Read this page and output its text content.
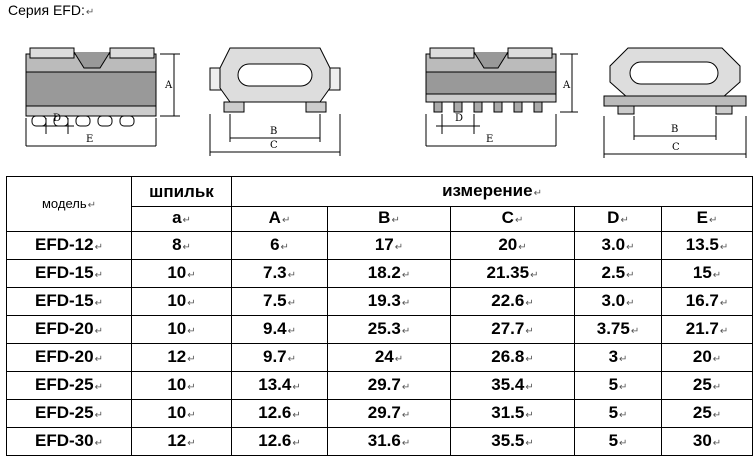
Серия EFD:↵
A
D
E
B
C
A
D
E
B
C
модель↵	шпильк	измерение↵				
	а↵	A↵	B↵	C↵	D↵	E↵
EFD-12↵	8↵	6↵	17↵	20↵	3.0↵	13.5↵
EFD-15↵	10↵	7.3↵	18.2↵	21.35↵	2.5↵	15↵
EFD-15↵	10↵	7.5↵	19.3↵	22.6↵	3.0↵	16.7↵
EFD-20↵	10↵	9.4↵	25.3↵	27.7↵	3.75↵	21.7↵
EFD-20↵	12↵	9.7↵	24↵	26.8↵	3↵	20↵
EFD-25↵	10↵	13.4↵	29.7↵	35.4↵	5↵	25↵
EFD-25↵	10↵	12.6↵	29.7↵	31.5↵	5↵	25↵
EFD-30↵	12↵	12.6↵	31.6↵	35.5↵	5↵	30↵
